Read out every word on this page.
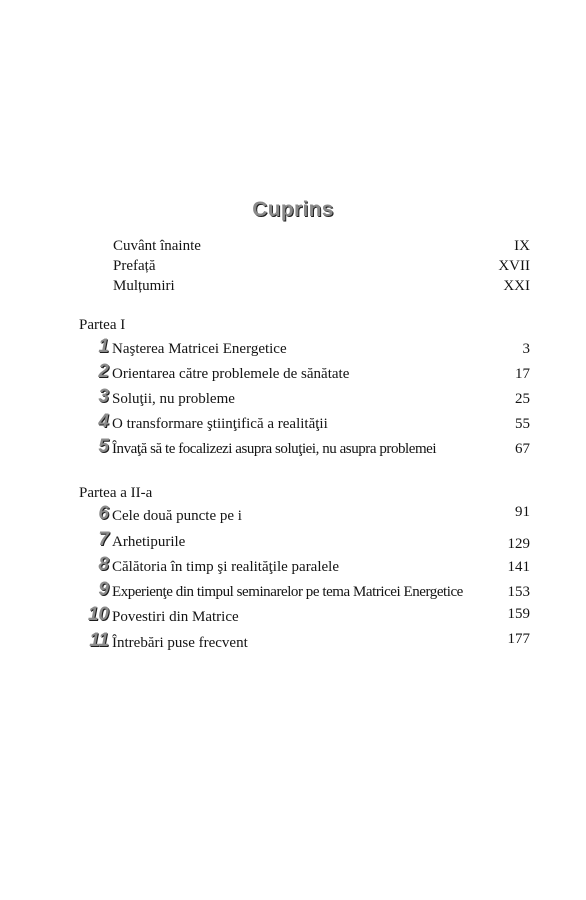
Cuprins
Cuvânt înainte	IX
Prefață	XVII
Mulțumiri	XXI
Partea I
1 Naşterea Matricei Energetice	3
2 Orientarea către problemele de sănătate	17
3 Soluţii, nu probleme	25
4 O transformare ştiinţifică a realităţii	55
5 Învaţă să te focalizezi asupra soluţiei, nu asupra problemei	67
Partea a II-a
6 Cele două puncte pe i	91
7 Arhetipurile	129
8 Călătoria în timp şi realităţile paralele	141
9 Experienţe din timpul seminarelor pe tema Matricei Energetice	153
10 Povestiri din Matrice	159
11 Întrebări puse frecvent	177
